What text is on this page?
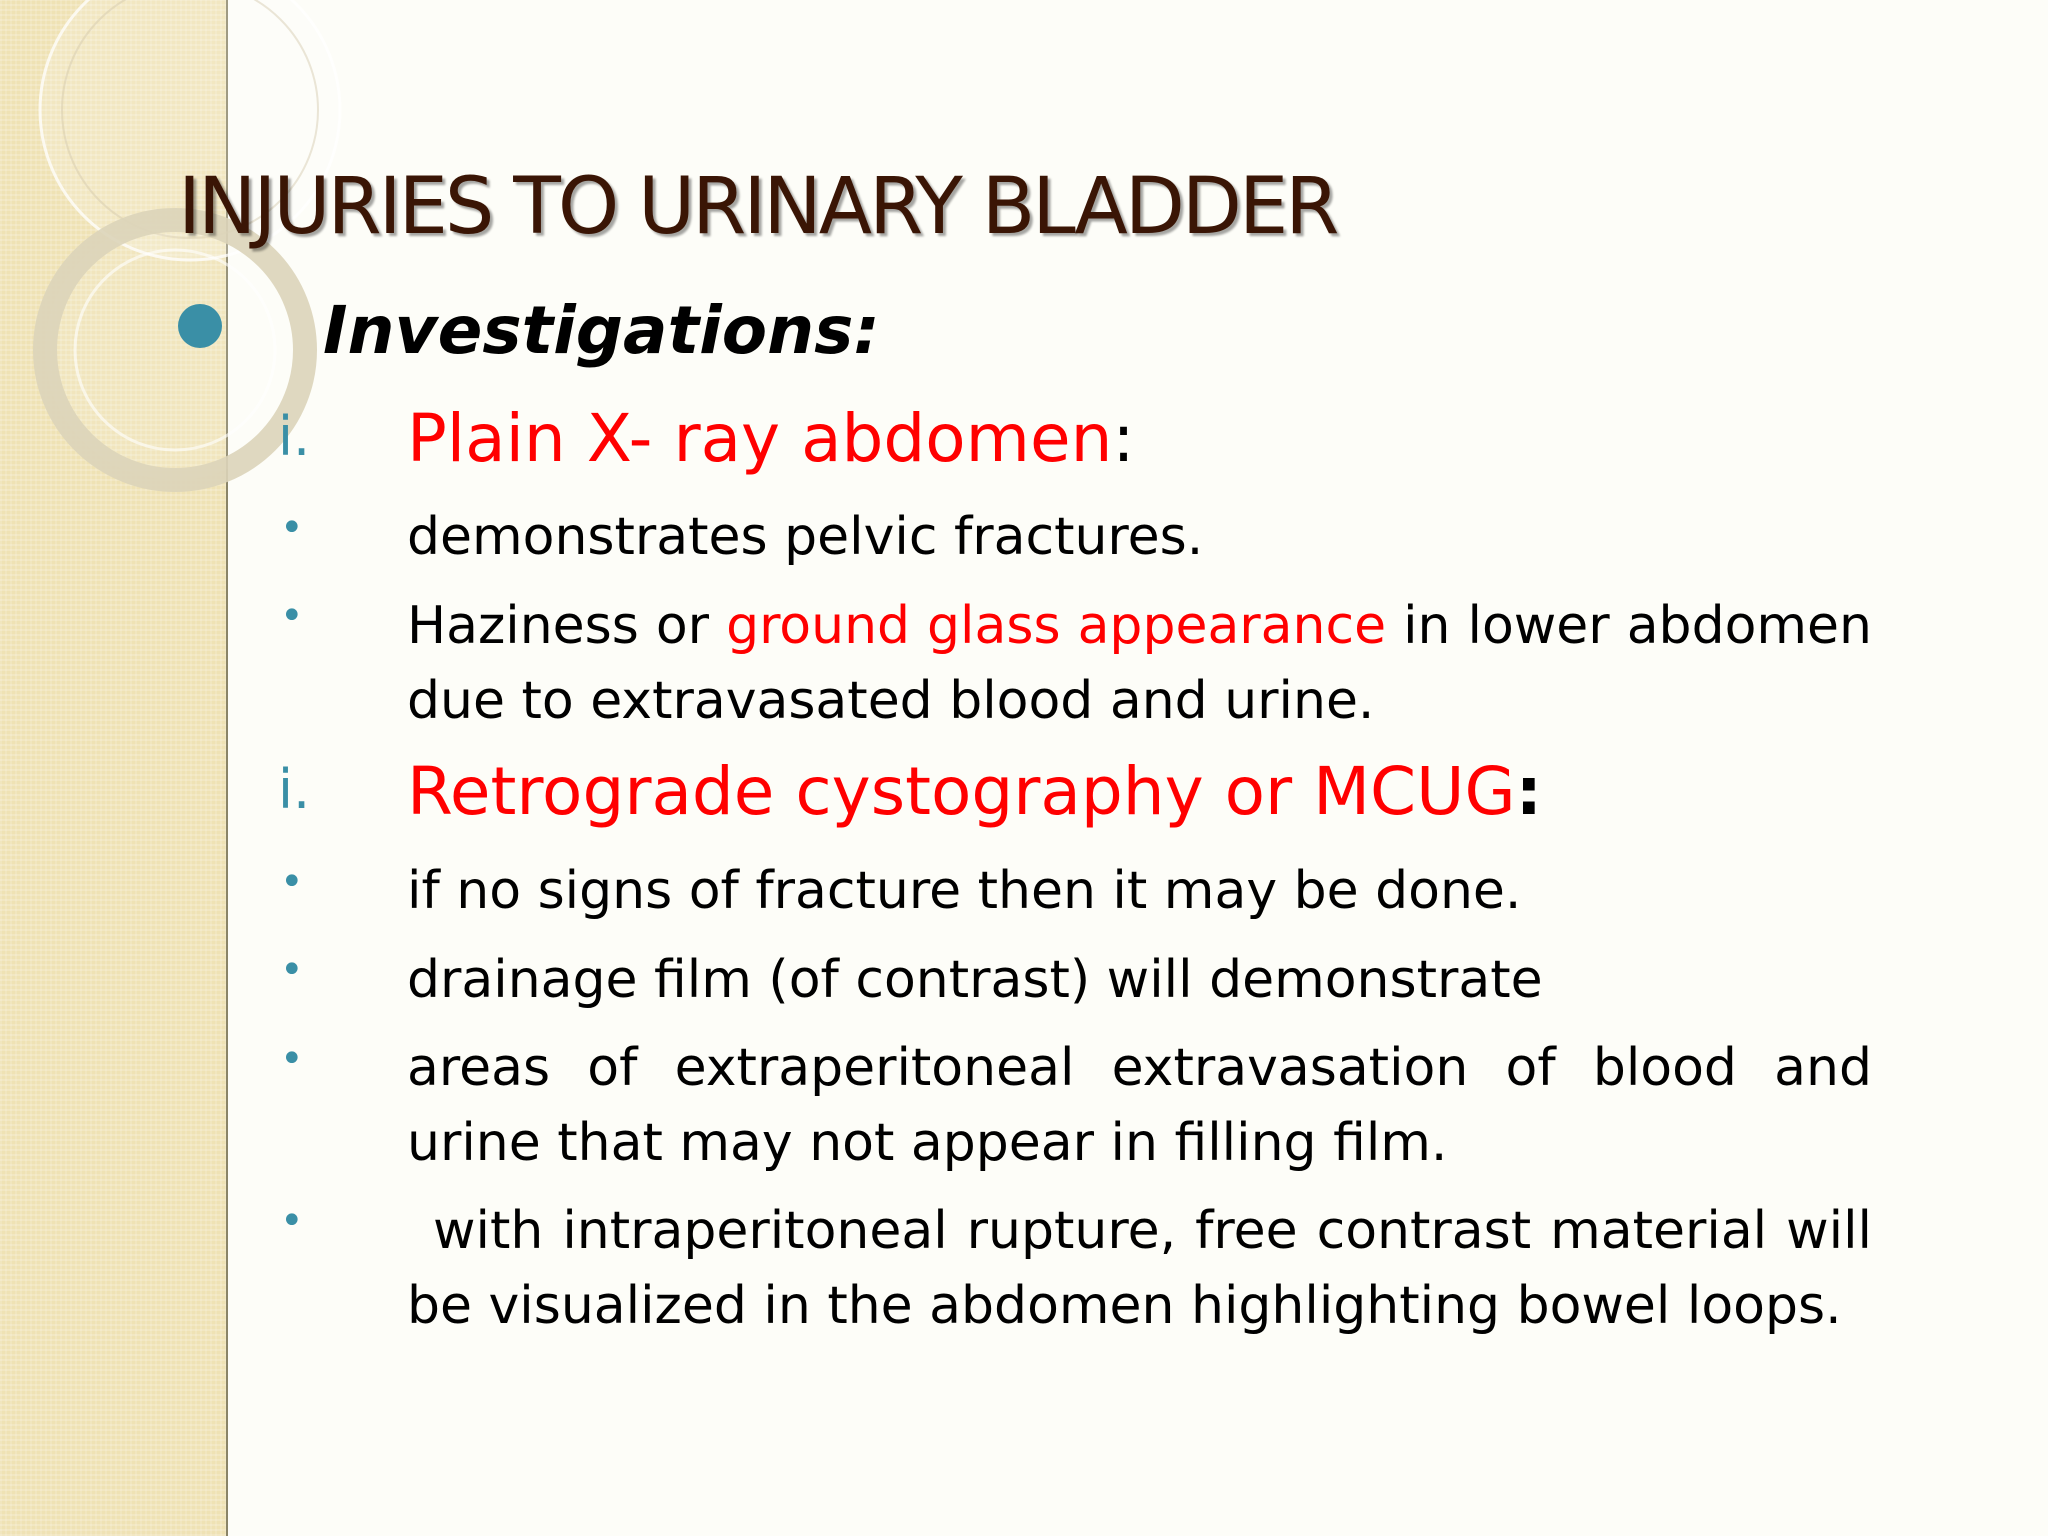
INJURIES TO URINARY BLADDER
Investigations:
i. Plain X- ray abdomen:
• demonstrates pelvic fractures.
• Haziness or ground glass appearance in lower abdomen due to extravasated blood and urine.
i. Retrograde cystography or MCUG:
• if no signs of fracture then it may be done.
• drainage film (of contrast) will demonstrate
• areas of extraperitoneal extravasation of blood and urine that may not appear in filling film.
•	with intraperitoneal rupture, free contrast material will be visualized in the abdomen highlighting bowel loops.
